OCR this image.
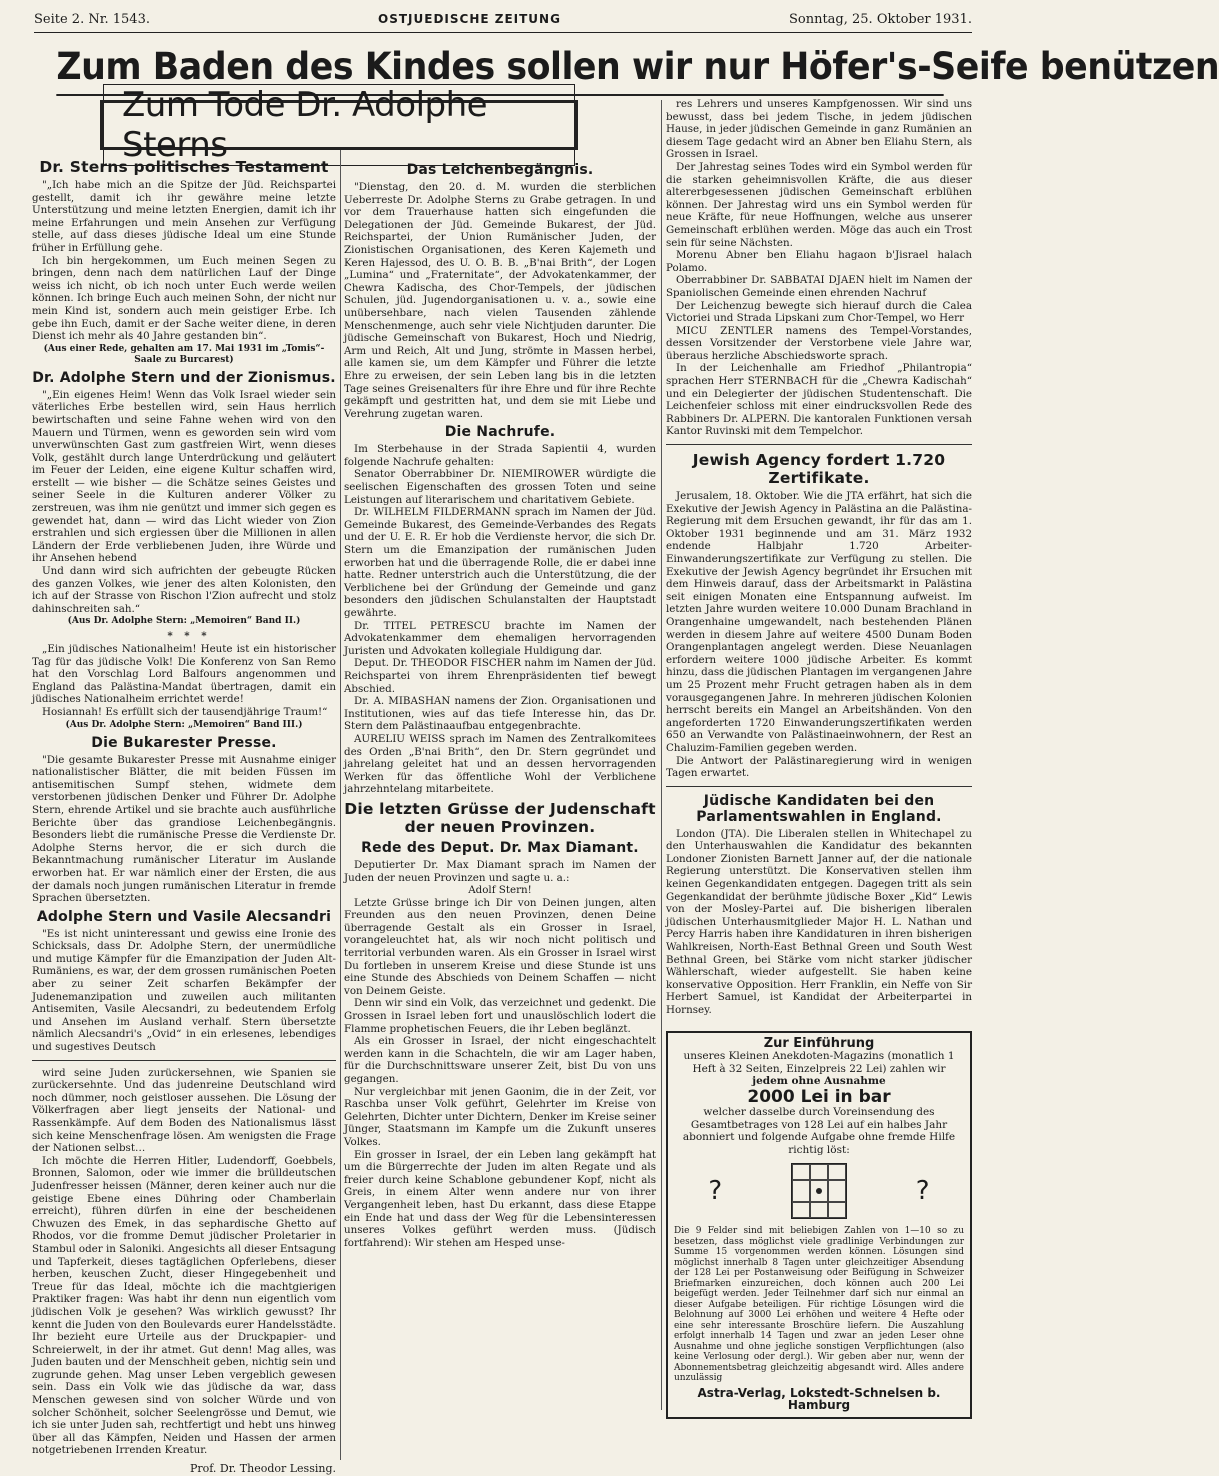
Seite 2. Nr. 1543.	OSTJUEDISCHE ZEITUNG	Sonntag, 25. Oktober 1931.
Zum Baden des Kindes sollen wir nur Höfer's-Seife benützen
Zum Tode Dr. Adolphe Sterns
Dr. Sterns politisches Testament

"„Ich habe mich an die Spitze der Jüd. Reichspartei gestellt, damit ich ihr gewähre meine letzte Unterstützung und meine letzten Energien, damit ich ihr meine Erfahrungen und mein Ansehen zur Verfügung stelle, auf dass dieses jüdische Ideal um eine Stunde früher in Erfüllung gehe.

Ich bin hergekommen, um Euch meinen Segen zu bringen, denn nach dem natürlichen Lauf der Dinge weiss ich nicht, ob ich noch unter Euch werde weilen können. Ich bringe Euch auch meinen Sohn, der nicht nur mein Kind ist, sondern auch mein geistiger Erbe. Ich gebe ihn Euch, damit er der Sache weiter diene, in deren Dienst ich mehr als 40 Jahre gestanden bin“.

(Aus einer Rede, gehalten am 17. Mai 1931 im „Tomis“-Saale zu Burcarest)

Dr. Adolphe Stern und der Zionismus.

"„Ein eigenes Heim! Wenn das Volk Israel wieder sein väterliches Erbe bestellen wird, sein Haus herrlich bewirtschaften und seine Fahne wehen wird von den Mauern und Türmen, wenn es geworden sein wird vom unverwünschten Gast zum gastfreien Wirt, wenn dieses Volk, gestählt durch lange Unterdrückung und geläutert im Feuer der Leiden, eine eigene Kultur schaffen wird, erstellt — wie bisher — die Schätze seines Geistes und seiner Seele in die Kulturen anderer Völker zu zerstreuen, was ihm nie genützt und immer sich gegen es gewendet hat, dann — wird das Licht wieder von Zion erstrahlen und sich ergiessen über die Millionen in allen Ländern der Erde verbliebenen Juden, ihre Würde und ihr Ansehen hebend

Und dann wird sich aufrichten der gebeugte Rücken des ganzen Volkes, wie jener des alten Kolonisten, den ich auf der Strasse von Rischon l'Zion aufrecht und stolz dahinschreiten sah.“

(Aus Dr. Adolphe Stern: „Memoiren“ Band II.)

* * *

„Ein jüdisches Nationalheim! Heute ist ein historischer Tag für das jüdische Volk! Die Konferenz von San Remo hat den Vorschlag Lord Balfours angenommen und England das Palästina-Mandat übertragen, damit ein jüdisches Nationalheim errichtet werde!

Hosiannah! Es erfüllt sich der tausendjährige Traum!“

(Aus Dr. Adolphe Stern: „Memoiren“ Band III.)

Die Bukarester Presse.

"Die gesamte Bukarester Presse mit Ausnahme einiger nationalistischer Blätter, die mit beiden Füssen im antisemitischen Sumpf stehen, widmete dem verstorbenen jüdischen Denker und Führer Dr. Adolphe Stern, ehrende Artikel und sie brachte auch ausführliche Berichte über das grandiose Leichenbegängnis. Besonders liebt die rumänische Presse die Verdienste Dr. Adolphe Sterns hervor, die er sich durch die Bekanntmachung rumänischer Literatur im Auslande erworben hat. Er war nämlich einer der Ersten, die aus der damals noch jungen rumänischen Literatur in fremde Sprachen übersetzten.

Adolphe Stern und Vasile Alecsandri

"Es ist nicht uninteressant und gewiss eine Ironie des Schicksals, dass Dr. Adolphe Stern, der unermüdliche und mutige Kämpfer für die Emanzipation der Juden Alt-Rumäniens, es war, der dem grossen rumänischen Poeten aber zu seiner Zeit scharfen Bekämpfer der Judenemanzipation und zuweilen auch militanten Antisemiten, Vasile Alecsandri, zu bedeutendem Erfolg und Ansehen im Ausland verhalf. Stern übersetzte nämlich Alecsandri's „Ovid“ in ein erlesenes, lebendiges und sugestives Deutsch

wird seine Juden zurückersehnen, wie Spanien sie zurückersehnte. Und das judenreine Deutschland wird noch dümmer, noch geistloser aussehen. Die Lösung der Völkerfragen aber liegt jenseits der National- und Rassenkämpfe. Auf dem Boden des Nationalismus lässt sich keine Menschenfrage lösen. Am wenigsten die Frage der Nationen selbst…

Ich möchte die Herren Hitler, Ludendorff, Goebbels, Bronnen, Salomon, oder wie immer die brülldeutschen Judenfresser heissen (Männer, deren keiner auch nur die geistige Ebene eines Dühring oder Chamberlain erreicht), führen dürfen in eine der bescheidenen Chwuzen des Emek, in das sephardische Ghetto auf Rhodos, vor die fromme Demut jüdischer Proletarier in Stambul oder in Saloniki. Angesichts all dieser Entsagung und Tapferkeit, dieses tagtäglichen Opferlebens, dieser herben, keuschen Zucht, dieser Hingegebenheit und Treue für das Ideal, möchte ich die machtgierigen Praktiker fragen: Was habt ihr denn nun eigentlich vom jüdischen Volk je gesehen? Was wirklich gewusst? Ihr kennt die Juden von den Boulevards eurer Handelsstädte. Ihr bezieht eure Urteile aus der Druckpapier- und Schreierwelt, in der ihr atmet. Gut denn! Mag alles, was Juden bauten und der Menschheit geben, nichtig sein und zugrunde gehen. Mag unser Leben vergeblich gewesen sein. Dass ein Volk wie das jüdische da war, dass Menschen gewesen sind von solcher Würde und von solcher Schönheit, solcher Seelengrösse und Demut, wie ich sie unter Juden sah, rechtfertigt und hebt uns hinweg über all das Kämpfen, Neiden und Hassen der armen notgetriebenen Irrenden Kreatur.

Prof. Dr. Theodor Lessing.

Das Leichenbegängnis.

"Dienstag, den 20. d. M. wurden die sterblichen Ueberreste Dr. Adolphe Sterns zu Grabe getragen. In und vor dem Trauerhause hatten sich eingefunden die Delegationen der Jüd. Gemeinde Bukarest, der Jüd. Reichspartei, der Union Rumänischer Juden, der Zionistischen Organisationen, des Keren Kajemeth und Keren Hajessod, des U. O. B. B. „B'nai Brith“, der Logen „Lumina“ und „Fraternitate“, der Advokatenkammer, der Chewra Kadischa, des Chor-Tempels, der jüdischen Schulen, jüd. Jugendorganisationen u. v. a., sowie eine unübersehbare, nach vielen Tausenden zählende Menschenmenge, auch sehr viele Nichtjuden darunter. Die jüdische Gemeinschaft von Bukarest, Hoch und Niedrig, Arm und Reich, Alt und Jung, strömte in Massen herbei, alle kamen sie, um dem Kämpfer und Führer die letzte Ehre zu erweisen, der sein Leben lang bis in die letzten Tage seines Greisenalters für ihre Ehre und für ihre Rechte gekämpft und gestritten hat, und dem sie mit Liebe und Verehrung zugetan waren.

Die Nachrufe.

Im Sterbehause in der Strada Sapientii 4, wurden folgende Nachrufe gehalten:

Senator Oberrabbiner Dr. NIEMIROWER würdigte die seelischen Eigenschaften des grossen Toten und seine Leistungen auf literarischem und charitativem Gebiete.

Dr. WILHELM FILDERMANN sprach im Namen der Jüd. Gemeinde Bukarest, des Gemeinde-Verbandes des Regats und der U. E. R. Er hob die Verdienste hervor, die sich Dr. Stern um die Emanzipation der rumänischen Juden erworben hat und die überragende Rolle, die er dabei inne hatte. Redner unterstrich auch die Unterstützung, die der Verblichene bei der Gründung der Gemeinde und ganz besonders den jüdischen Schulanstalten der Hauptstadt gewährte.

Dr. TITEL PETRESCU brachte im Namen der Advokatenkammer dem ehemaligen hervorragenden Juristen und Advokaten kollegiale Huldigung dar.

Deput. Dr. THEODOR FISCHER nahm im Namen der Jüd. Reichspartei von ihrem Ehrenpräsidenten tief bewegt Abschied.

Dr. A. MIBASHAN namens der Zion. Organisationen und Institutionen, wies auf das tiefe Interesse hin, das Dr. Stern dem Palästinaaufbau entgegenbrachte.

AURELIU WEISS sprach im Namen des Zentralkomitees des Orden „B'nai Brith“, den Dr. Stern gegründet und jahrelang geleitet hat und an dessen hervorragenden Werken für das öffentliche Wohl der Verblichene jahrzehntelang mitarbeitete.

Die letzten Grüsse der Judenschaft der neuen Provinzen.
Rede des Deput. Dr. Max Diamant.

Deputierter Dr. Max Diamant sprach im Namen der Juden der neuen Provinzen und sagte u. a.:

Adolf Stern!

Letzte Grüsse bringe ich Dir von Deinen jungen, alten Freunden aus den neuen Provinzen, denen Deine überragende Gestalt als ein Grosser in Israel, vorangeleuchtet hat, als wir noch nicht politisch und territorial verbunden waren. Als ein Grosser in Israel wirst Du fortleben in unserem Kreise und diese Stunde ist uns eine Stunde des Abschieds von Deinem Schaffen — nicht von Deinem Geiste.

Denn wir sind ein Volk, das verzeichnet und gedenkt. Die Grossen in Israel leben fort und unauslöschlich lodert die Flamme prophetischen Feuers, die ihr Leben beglänzt.

Als ein Grosser in Israel, der nicht eingeschachtelt werden kann in die Schachteln, die wir am Lager haben, für die Durchschnittsware unserer Zeit, bist Du von uns gegangen.

Nur vergleichbar mit jenen Gaonim, die in der Zeit, vor Raschba unser Volk geführt, Gelehrter im Kreise von Gelehrten, Dichter unter Dichtern, Denker im Kreise seiner Jünger, Staatsmann im Kampfe um die Zukunft unseres Volkes.

Ein grosser in Israel, der ein Leben lang gekämpft hat um die Bürgerrechte der Juden im alten Regate und als freier durch keine Schablone gebundener Kopf, nicht als Greis, in einem Alter wenn andere nur von ihrer Vergangenheit leben, hast Du erkannt, dass diese Etappe ein Ende hat und dass der Weg für die Lebensinteressen unseres Volkes geführt werden muss. (Jüdisch fortfahrend): Wir stehen am Hesped unse-

res Lehrers und unseres Kampfgenossen. Wir sind uns bewusst, dass bei jedem Tische, in jedem jüdischen Hause, in jeder jüdischen Gemeinde in ganz Rumänien an diesem Tage gedacht wird an Abner ben Eliahu Stern, als Grossen in Israel.

Der Jahrestag seines Todes wird ein Symbol werden für die starken geheimnisvollen Kräfte, die aus dieser altererbgesessenen jüdischen Gemeinschaft erblühen können. Der Jahrestag wird uns ein Symbol werden für neue Kräfte, für neue Hoffnungen, welche aus unserer Gemeinschaft erblühen werden. Möge das auch ein Trost sein für seine Nächsten.

Morenu Abner ben Eliahu hagaon b'Jisrael halach Polamo.

Oberrabbiner Dr. SABBATAI DJAEN hielt im Namen der Spaniolischen Gemeinde einen ehrenden Nachruf

Der Leichenzug bewegte sich hierauf durch die Calea Victoriei und Strada Lipskani zum Chor-Tempel, wo Herr

MICU ZENTLER namens des Tempel-Vorstandes, dessen Vorsitzender der Verstorbene viele Jahre war, überaus herzliche Abschiedsworte sprach.

In der Leichenhalle am Friedhof „Philantropia“ sprachen Herr STERNBACH für die „Chewra Kadischah“ und ein Delegierter der jüdischen Studentenschaft. Die Leichenfeier schloss mit einer eindrucksvollen Rede des Rabbiners Dr. ALPERN. Die kantoralen Funktionen versah Kantor Ruvinski mit dem Tempelchor.

Jewish Agency fordert 1.720 Zertifikate.

Jerusalem, 18. Oktober. Wie die JTA erfährt, hat sich die Exekutive der Jewish Agency in Palästina an die Palästina-Regierung mit dem Ersuchen gewandt, ihr für das am 1. Oktober 1931 beginnende und am 31. März 1932 endende Halbjahr 1.720 Arbeiter-Einwanderungszertifikate zur Verfügung zu stellen. Die Exekutive der Jewish Agency begründet ihr Ersuchen mit dem Hinweis darauf, dass der Arbeitsmarkt in Palästina seit einigen Monaten eine Entspannung aufweist. Im letzten Jahre wurden weitere 10.000 Dunam Brachland in Orangenhaine umgewandelt, nach bestehenden Plänen werden in diesem Jahre auf weitere 4500 Dunam Boden Orangenplantagen angelegt werden. Diese Neuanlagen erfordern weitere 1000 jüdische Arbeiter. Es kommt hinzu, dass die jüdischen Plantagen im vergangenen Jahre um 25 Prozent mehr Frucht getragen haben als in dem vorausgegangenen Jahre. In mehreren jüdischen Kolonien herrscht bereits ein Mangel an Arbeitshänden. Von den angeforderten 1720 Einwanderungszertifikaten werden 650 an Verwandte von Palästinaeinwohnern, der Rest an Chaluzim-Familien gegeben werden.

Die Antwort der Palästinaregierung wird in wenigen Tagen erwartet.

Jüdische Kandidaten bei den Parlamentswahlen in England.

London (JTA). Die Liberalen stellen in Whitechapel zu den Unterhauswahlen die Kandidatur des bekannten Londoner Zionisten Barnett Janner auf, der die nationale Regierung unterstützt. Die Konservativen stellen ihm keinen Gegenkandidaten entgegen. Dagegen tritt als sein Gegenkandidat der berühmte jüdische Boxer „Kid“ Lewis von der Mosley-Partei auf. Die bisherigen liberalen jüdischen Unterhausmitglieder Major H. L. Nathan und Percy Harris haben ihre Kandidaturen in ihren bisherigen Wahlkreisen, North-East Bethnal Green und South West Bethnal Green, bei Stärke vom nicht starker jüdischer Wählerschaft, wieder aufgestellt. Sie haben keine konservative Opposition. Herr Franklin, ein Neffe von Sir Herbert Samuel, ist Kandidat der Arbeiterpartei in Hornsey.

Zur Einführung
unseres Kleinen Anekdoten-Magazins (monatlich 1 Heft à 32 Seiten, Einzelpreis 22 Lei) zahlen wir
jedem ohne Ausnahme
2000 Lei in bar
welcher dasselbe durch Voreinsendung des Gesamtbetrages von 128 Lei auf ein halbes Jahr abonniert und folgende Aufgabe ohne fremde Hilfe richtig löst:
?	?
Die 9 Felder sind mit beliebigen Zahlen von 1—10 so zu besetzen, dass möglichst viele gradlinige Verbindungen zur Summe 15 vorgenommen werden können. Lösungen sind möglichst innerhalb 8 Tagen unter gleichzeitiger Absendung der 128 Lei per Postanweisung oder Beifügung in Schweizer Briefmarken einzureichen, doch können auch 200 Lei beigefügt werden. Jeder Teilnehmer darf sich nur einmal an dieser Aufgabe beteiligen. Für richtige Lösungen wird die Belohnung auf 3000 Lei erhöhen und weitere 4 Hefte oder eine sehr interessante Broschüre liefern. Die Auszahlung erfolgt innerhalb 14 Tagen und zwar an jeden Leser ohne Ausnahme und ohne jegliche sonstigen Verpflichtungen (also keine Verlosung oder dergl.). Wir geben aber nur, wenn der Abonnementsbetrag gleichzeitig abgesandt wird. Alles andere unzulässig
Astra-Verlag, Lokstedt-Schnelsen b. Hamburg
